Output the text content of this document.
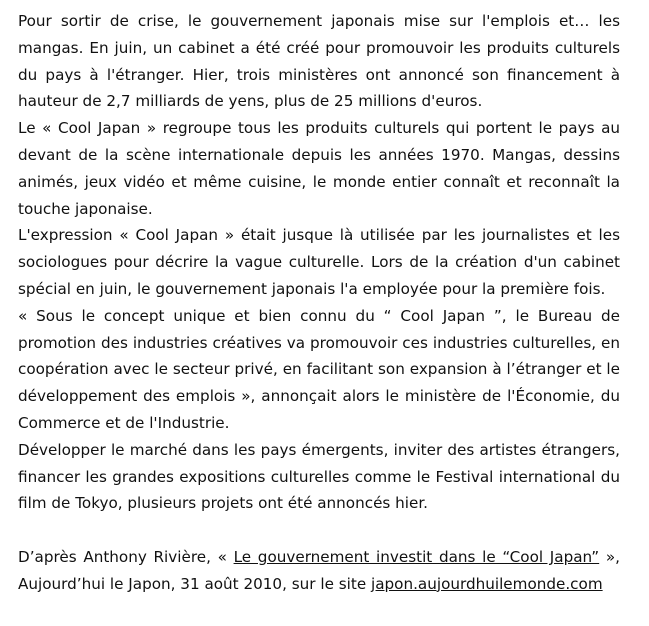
Pour sortir de crise, le gouvernement japonais mise sur l'emplois et… les mangas. En juin, un cabinet a été créé pour promouvoir les produits culturels du pays à l'étranger. Hier, trois ministères ont annoncé son financement à hauteur de 2,7 milliards de yens, plus de 25 millions d'euros.

Le « Cool Japan » regroupe tous les produits culturels qui portent le pays au devant de la scène internationale depuis les années 1970. Mangas, dessins animés, jeux vidéo et même cuisine, le monde entier connaît et reconnaît la touche japonaise.

L'expression « Cool Japan » était jusque là utilisée par les journalistes et les sociologues pour décrire la vague culturelle. Lors de la création d'un cabinet spécial en juin, le gouvernement japonais l'a employée pour la première fois.

« Sous le concept unique et bien connu du “ Cool Japan ”, le Bureau de promotion des industries créatives va promouvoir ces industries culturelles, en coopération avec le secteur privé, en facilitant son expansion à l’étranger et le développement des emplois », annonçait alors le ministère de l'Économie, du Commerce et de l'Industrie.

Développer le marché dans les pays émergents, inviter des artistes étrangers, financer les grandes expositions culturelles comme le Festival international du film de Tokyo, plusieurs projets ont été annoncés hier.

D’après Anthony Rivière, « Le gouvernement investit dans le “Cool Japan” », Aujourd’hui le Japon, 31 août 2010, sur le site japon.aujourdhuilemonde.com
